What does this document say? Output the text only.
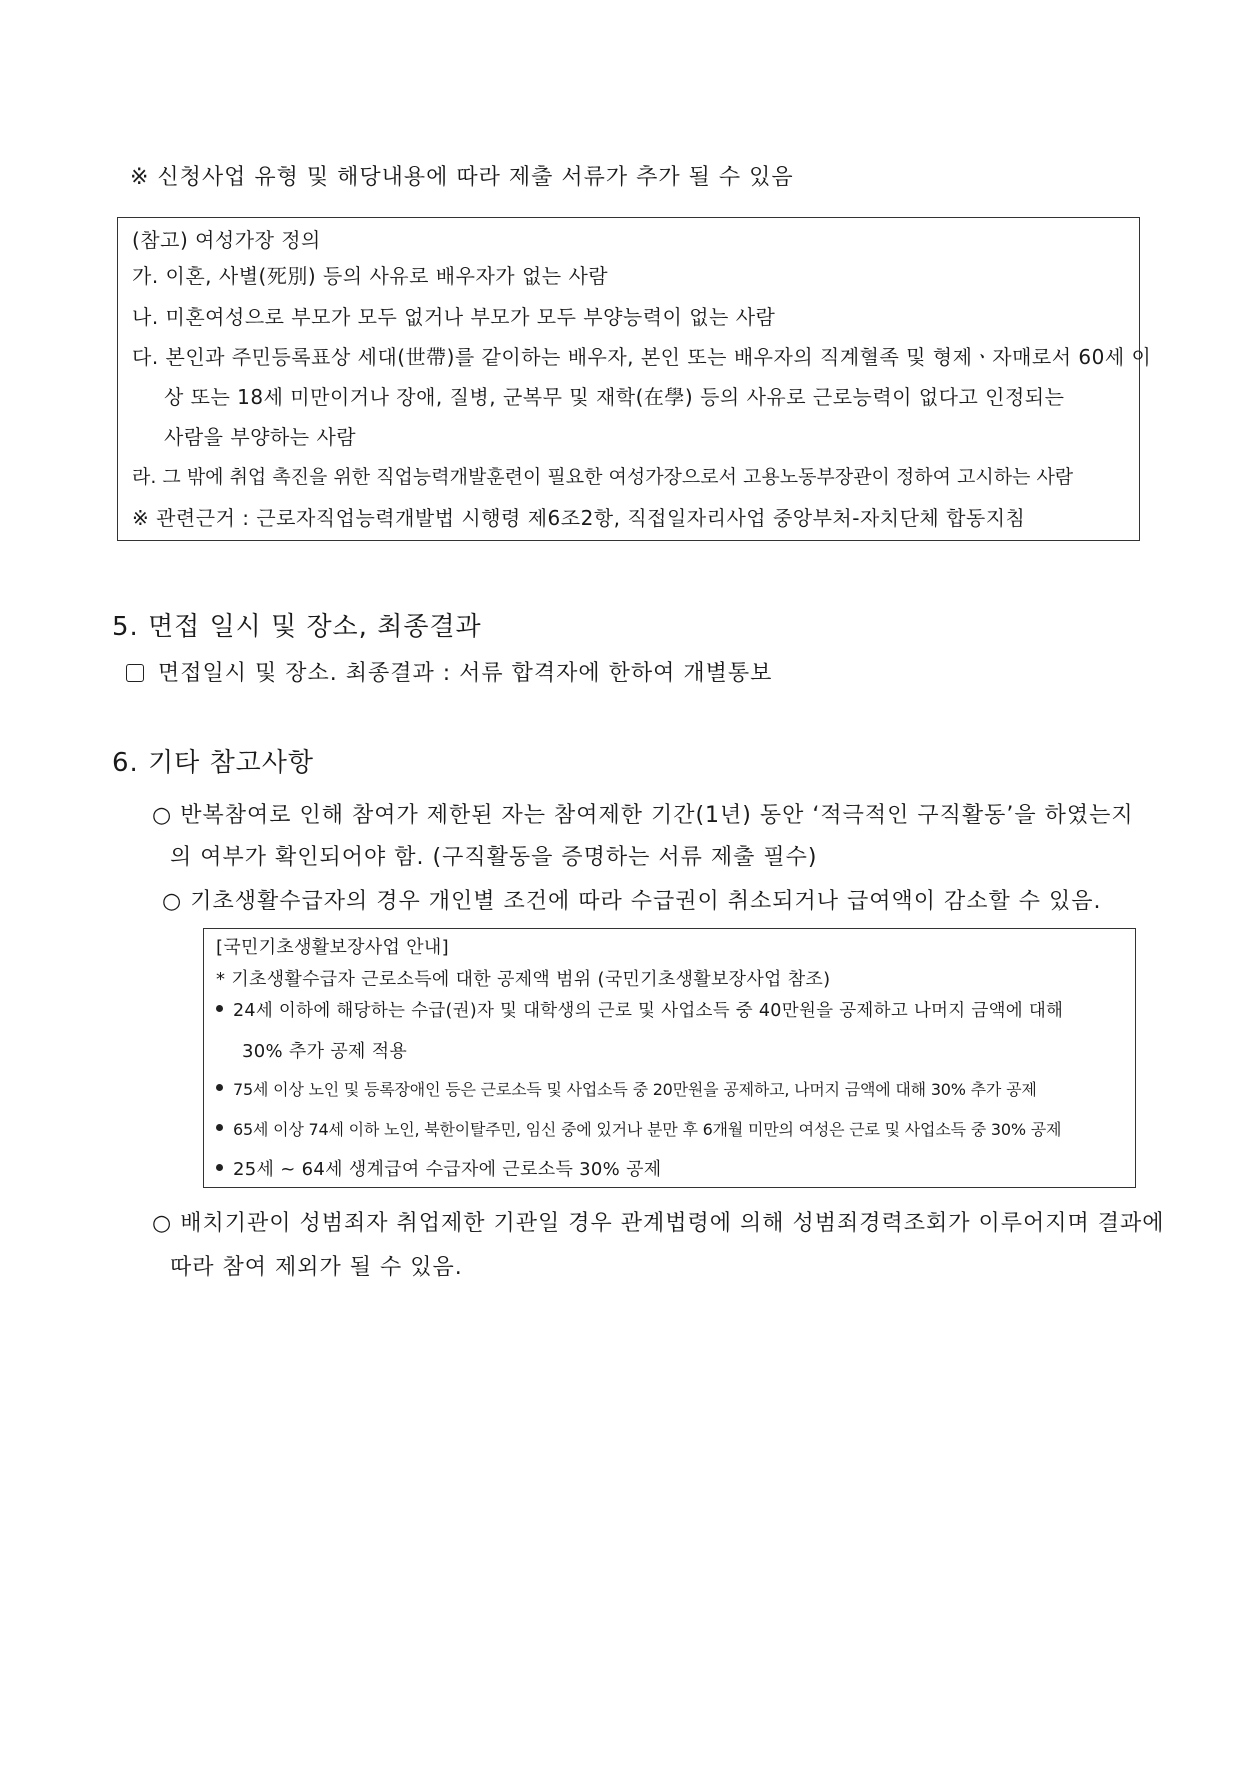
※ 신청사업 유형 및 해당내용에 따라 제출 서류가 추가 될 수 있음
(참고) 여성가장 정의
가. 이혼, 사별(死別) 등의 사유로 배우자가 없는 사람
나. 미혼여성으로 부모가 모두 없거나 부모가 모두 부양능력이 없는 사람
다. 본인과 주민등록표상 세대(世帶)를 같이하는 배우자, 본인 또는 배우자의 직계혈족 및 형제ㆍ자매로서 60세 이
상 또는 18세 미만이거나 장애, 질병, 군복무 및 재학(在學) 등의 사유로 근로능력이 없다고 인정되는
사람을 부양하는 사람
라. 그 밖에 취업 촉진을 위한 직업능력개발훈련이 필요한 여성가장으로서 고용노동부장관이 정하여 고시하는 사람
※ 관련근거 : 근로자직업능력개발법 시행령 제6조2항, 직접일자리사업 중앙부처-자치단체 합동지침
5. 면접 일시 및 장소, 최종결과
면접일시 및 장소. 최종결과 : 서류 합격자에 한하여 개별통보
6. 기타 참고사항
○ 반복참여로 인해 참여가 제한된 자는 참여제한 기간(1년) 동안 ‘적극적인 구직활동’을 하였는지
의 여부가 확인되어야 함. (구직활동을 증명하는 서류 제출 필수)
○ 기초생활수급자의 경우 개인별 조건에 따라 수급권이 취소되거나 급여액이 감소할 수 있음.
[국민기초생활보장사업 안내]
* 기초생활수급자 근로소득에 대한 공제액 범위 (국민기초생활보장사업 참조)
24세 이하에 해당하는 수급(권)자 및 대학생의 근로 및 사업소득 중 40만원을 공제하고 나머지 금액에 대해
30% 추가 공제 적용
75세 이상 노인 및 등록장애인 등은 근로소득 및 사업소득 중 20만원을 공제하고, 나머지 금액에 대해 30% 추가 공제
65세 이상 74세 이하 노인, 북한이탈주민, 임신 중에 있거나 분만 후 6개월 미만의 여성은 근로 및 사업소득 중 30% 공제
25세 ~ 64세 생계급여 수급자에 근로소득 30% 공제
○ 배치기관이 성범죄자 취업제한 기관일 경우 관계법령에 의해 성범죄경력조회가 이루어지며 결과에
따라 참여 제외가 될 수 있음.
